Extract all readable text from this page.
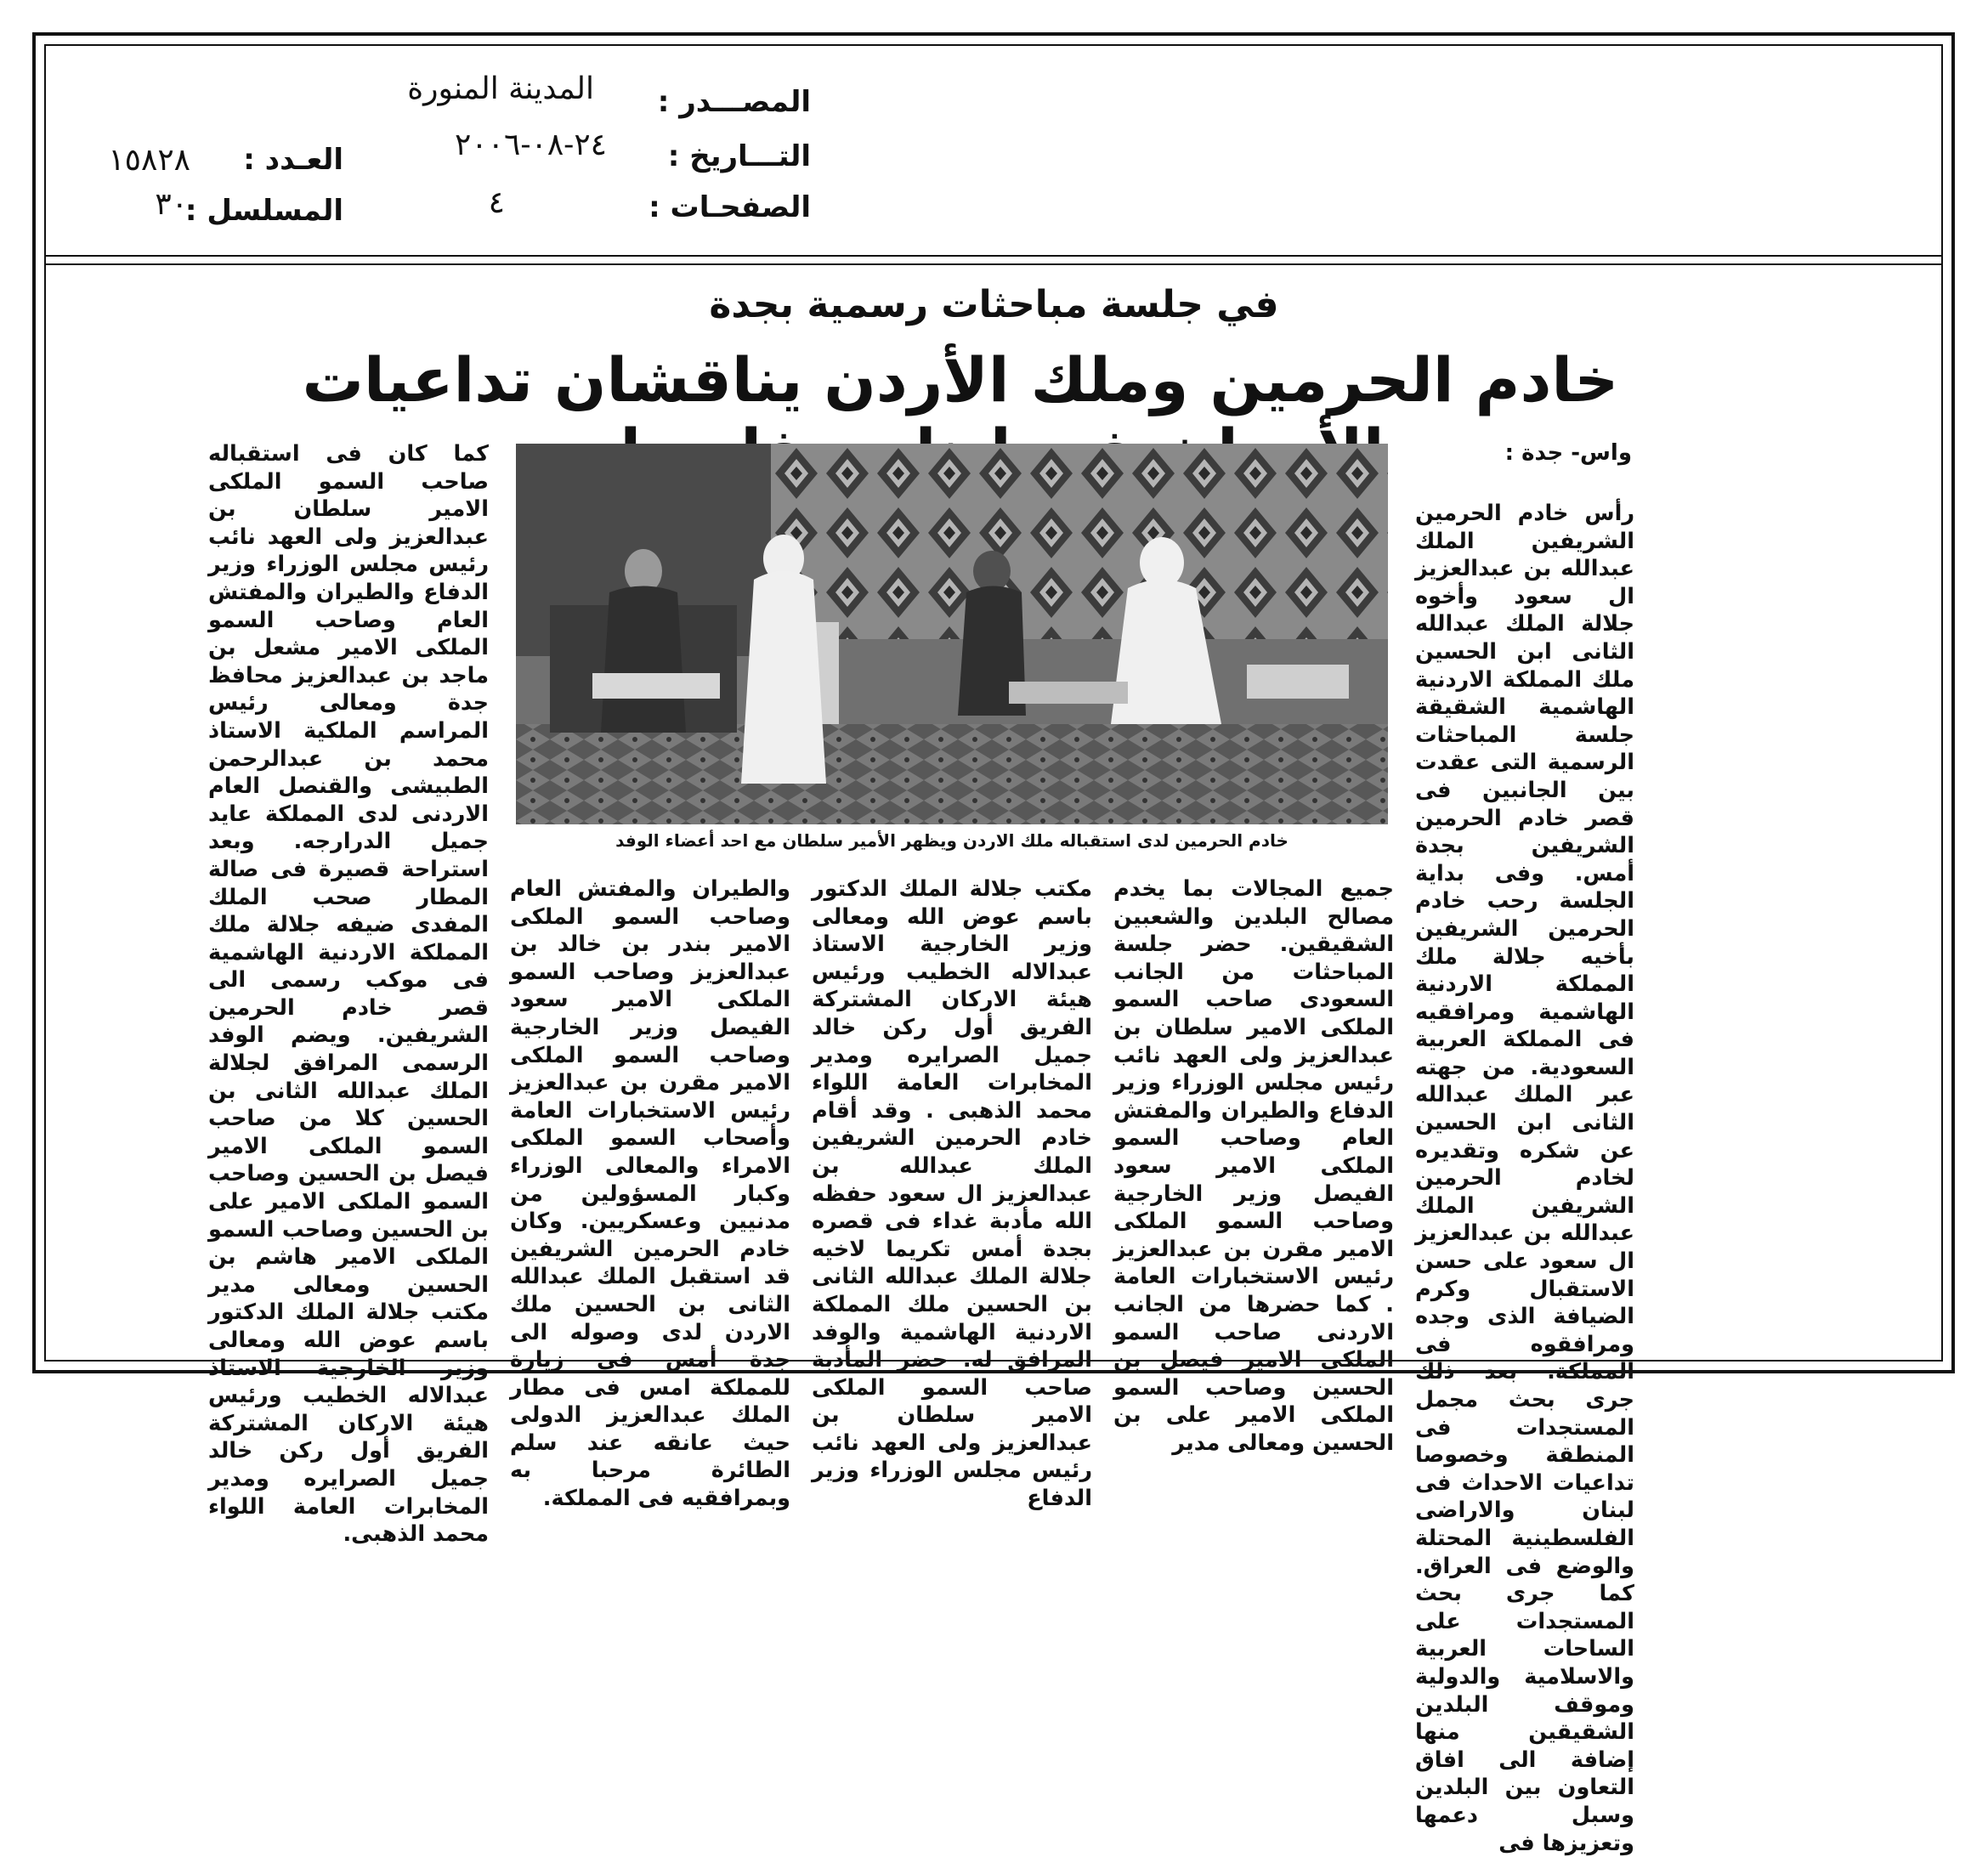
المصـــدر :
المدينة المنورة
التـــاريخ :
٢٤-٠٨-٢٠٠٦
الصفحـات :
٤
العـدد :
١٥٨٢٨
المسلسل :
٣٠
في جلسة مباحثات رسمية بجدة
خادم الحرمين وملك الأردن يناقشان تداعيات
واس- جدة :
خادم الحرمين لدى استقباله ملك الاردن ويظهر الأمير سلطان مع احد أعضاء الوفد

رأس خادم الحرمين الشريفين الملك عبدالله بن عبدالعزيز ال سعود وأخوه جلالة الملك عبدالله الثانى ابن الحسين ملك المملكة الاردنية الهاشمية الشقيقة جلسة المباحثات الرسمية التى عقدت بين الجانبين فى قصر خادم الحرمين الشريفين بجدة أمس. وفى بداية الجلسة رحب خادم الحرمين الشريفين بأخيه جلالة ملك المملكة الاردنية الهاشمية ومرافقيه فى المملكة العربية السعودية. من جهته عبر الملك عبدالله الثانى ابن الحسين عن شكره وتقديره لخادم الحرمين الشريفين الملك عبدالله بن عبدالعزيز ال سعود على حسن الاستقبال وكرم الضيافة الذى وجده ومرافقوه فى المملكة. بعد ذلك جرى بحث مجمل المستجدات فى المنطقة وخصوصا تداعيات الاحداث فى لبنان والاراضى الفلسطينية المحتلة والوضع فى العراق. كما جرى بحث المستجدات على الساحات العربية والاسلامية والدولية وموقف البلدين الشقيقين منها إضافة الى افاق التعاون بين البلدين وسبل دعمها وتعزيزها فى

جميع المجالات بما يخدم مصالح البلدين والشعبين الشقيقين. حضر جلسة المباحثات من الجانب السعودى صاحب السمو الملكى الامير سلطان بن عبدالعزيز ولى العهد نائب رئيس مجلس الوزراء وزير الدفاع والطيران والمفتش العام وصاحب السمو الملكى الامير سعود الفيصل وزير الخارجية وصاحب السمو الملكى الامير مقرن بن عبدالعزيز رئيس الاستخبارات العامة . كما حضرها من الجانب الاردنى صاحب السمو الملكى الامير فيصل بن الحسين وصاحب السمو الملكى الامير على بن الحسين ومعالى مدير

مكتب جلالة الملك الدكتور باسم عوض الله ومعالى وزير الخارجية الاستاذ عبدالاله الخطيب ورئيس هيئة الاركان المشتركة الفريق أول ركن خالد جميل الصرايره ومدير المخابرات العامة اللواء محمد الذهبى . وقد أقام خادم الحرمين الشريفين الملك عبدالله بن عبدالعزيز ال سعود حفظه الله مأدبة غداء فى قصره بجدة أمس تكريما لاخيه جلالة الملك عبدالله الثانى بن الحسين ملك المملكة الاردنية الهاشمية والوفد المرافق له. حضر المأدبة صاحب السمو الملكى الامير سلطان بن عبدالعزيز ولى العهد نائب رئيس مجلس الوزراء وزير الدفاع

والطيران والمفتش العام وصاحب السمو الملكى الامير بندر بن خالد بن عبدالعزيز وصاحب السمو الملكى الامير سعود الفيصل وزير الخارجية وصاحب السمو الملكى الامير مقرن بن عبدالعزيز رئيس الاستخبارات العامة وأصحاب السمو الملكى الامراء والمعالى الوزراء وكبار المسؤولين من مدنيين وعسكريين. وكان خادم الحرمين الشريفين قد استقبل الملك عبدالله الثانى بن الحسين ملك الاردن لدى وصوله الى جدة أمس فى زيارة للمملكة امس فى مطار الملك عبدالعزيز الدولى حيث عانقه عند سلم الطائرة مرحبا به وبمرافقيه فى المملكة.

كما كان فى استقباله صاحب السمو الملكى الامير سلطان بن عبدالعزيز ولى العهد نائب رئيس مجلس الوزراء وزير الدفاع والطيران والمفتش العام وصاحب السمو الملكى الامير مشعل بن ماجد بن عبدالعزيز محافظ جدة ومعالى رئيس المراسم الملكية الاستاذ محمد بن عبدالرحمن الطبيشى والقنصل العام الاردنى لدى المملكة عايد جميل الدرارجه. وبعد استراحة قصيرة فى صالة المطار صحب الملك المفدى ضيفه جلالة ملك المملكة الاردنية الهاشمية فى موكب رسمى الى قصر خادم الحرمين الشريفين. ويضم الوفد الرسمى المرافق لجلالة الملك عبدالله الثانى بن الحسين كلا من صاحب السمو الملكى الامير فيصل بن الحسين وصاحب السمو الملكى الامير على بن الحسين وصاحب السمو الملكى الامير هاشم بن الحسين ومعالى مدير مكتب جلالة الملك الدكتور باسم عوض الله ومعالى وزير الخارجية الاستاذ عبدالاله الخطيب ورئيس هيئة الاركان المشتركة الفريق أول ركن خالد جميل الصرايره ومدير المخابرات العامة اللواء محمد الذهبى.
